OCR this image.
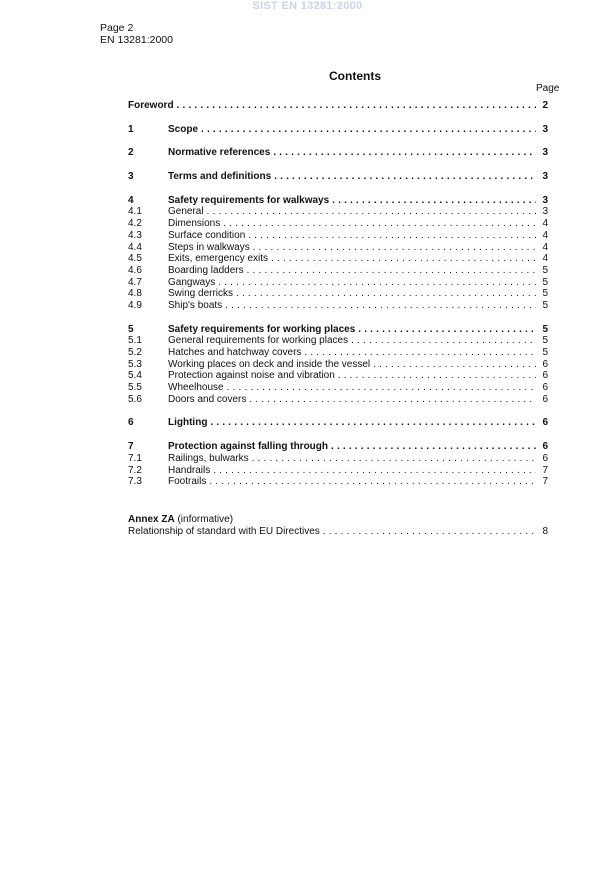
SIST EN 13281:2000
Page 2
EN 13281:2000
Contents
Page
Foreword . . .	2
1	Scope . . .	3
2	Normative references . . .	3
3	Terms and definitions . . .	3
4	Safety requirements for walkways . . .	3
4.1	General . . .	3
4.2	Dimensions . . .	4
4.3	Surface condition . . .	4
4.4	Steps in walkways . . .	4
4.5	Exits, emergency exits . . .	4
4.6	Boarding ladders . . .	5
4.7	Gangways . . .	5
4.8	Swing derricks . . .	5
4.9	Ship's boats . . .	5
5	Safety requirements for working places . . .	5
5.1	General requirements for working places . . .	5
5.2	Hatches and hatchway covers . . .	5
5.3	Working places on deck and inside the vessel . . .	6
5.4	Protection against noise and vibration . . .	6
5.5	Wheelhouse . . .	6
5.6	Doors and covers . . .	6
6	Lighting . . .	6
7	Protection against falling through . . .	6
7.1	Railings, bulwarks . . .	6
7.2	Handrails . . .	7
7.3	Footrails . . .	7
Annex ZA (informative)
Relationship of standard with EU Directives . . .	8
